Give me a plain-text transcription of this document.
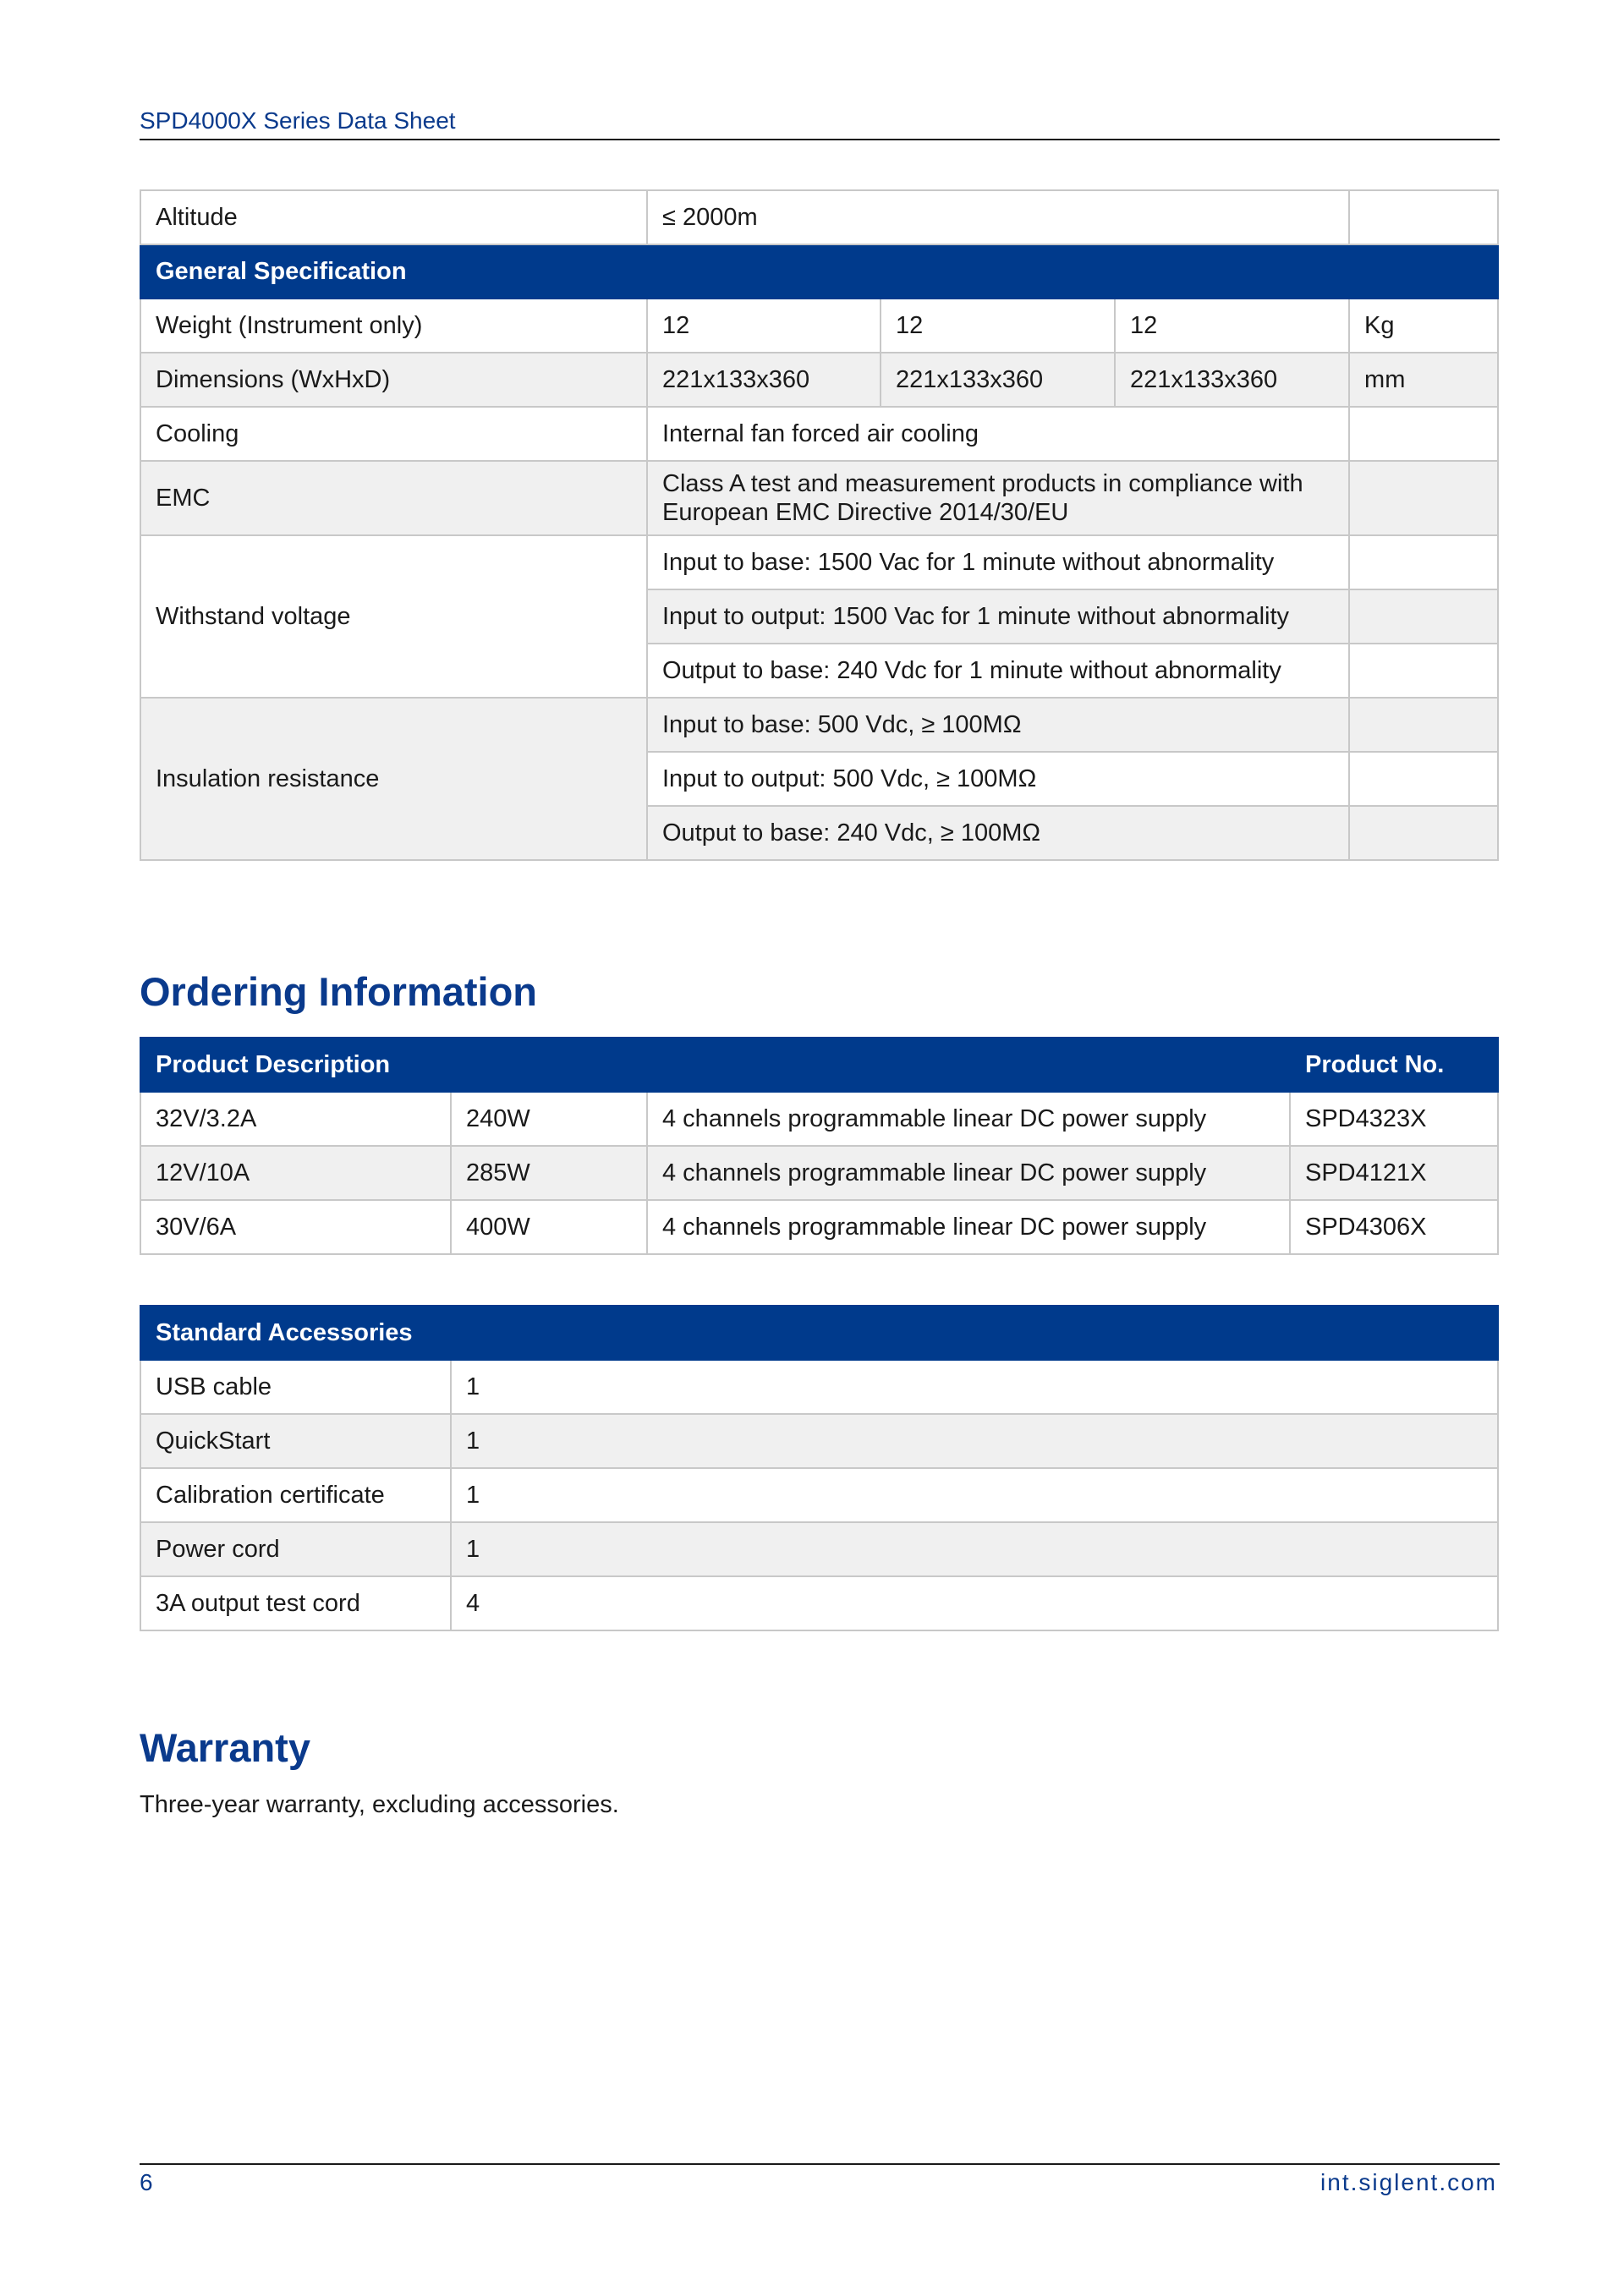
SPD4000X Series Data Sheet
Altitude	≤ 2000m			
General Specification				
Weight (Instrument only)	12	12	12	Kg
Dimensions (WxHxD)	221x133x360	221x133x360	221x133x360	mm
Cooling	Internal fan forced air cooling			
EMC	Class A test and measurement products in compliance with
European EMC Directive 2014/30/EU			
Withstand voltage	Input to base: 1500 Vac for 1 minute without abnormality			
	Input to output: 1500 Vac for 1 minute without abnormality			
	Output to base: 240 Vdc for 1 minute without abnormality			
Insulation resistance	Input to base: 500 Vdc, ≥ 100MΩ			
	Input to output: 500 Vdc, ≥ 100MΩ			
	Output to base: 240 Vdc, ≥ 100MΩ			
Ordering Information
Product Description			Product No.
32V/3.2A	240W	4 channels programmable linear DC power supply	SPD4323X
12V/10A	285W	4 channels programmable linear DC power supply	SPD4121X
30V/6A	400W	4 channels programmable linear DC power supply	SPD4306X
Standard Accessories	
USB cable	1
QuickStart	1
Calibration certificate	1
Power cord	1
3A output test cord	4
Warranty
Three-year warranty, excluding accessories.
6	int.siglent.com
